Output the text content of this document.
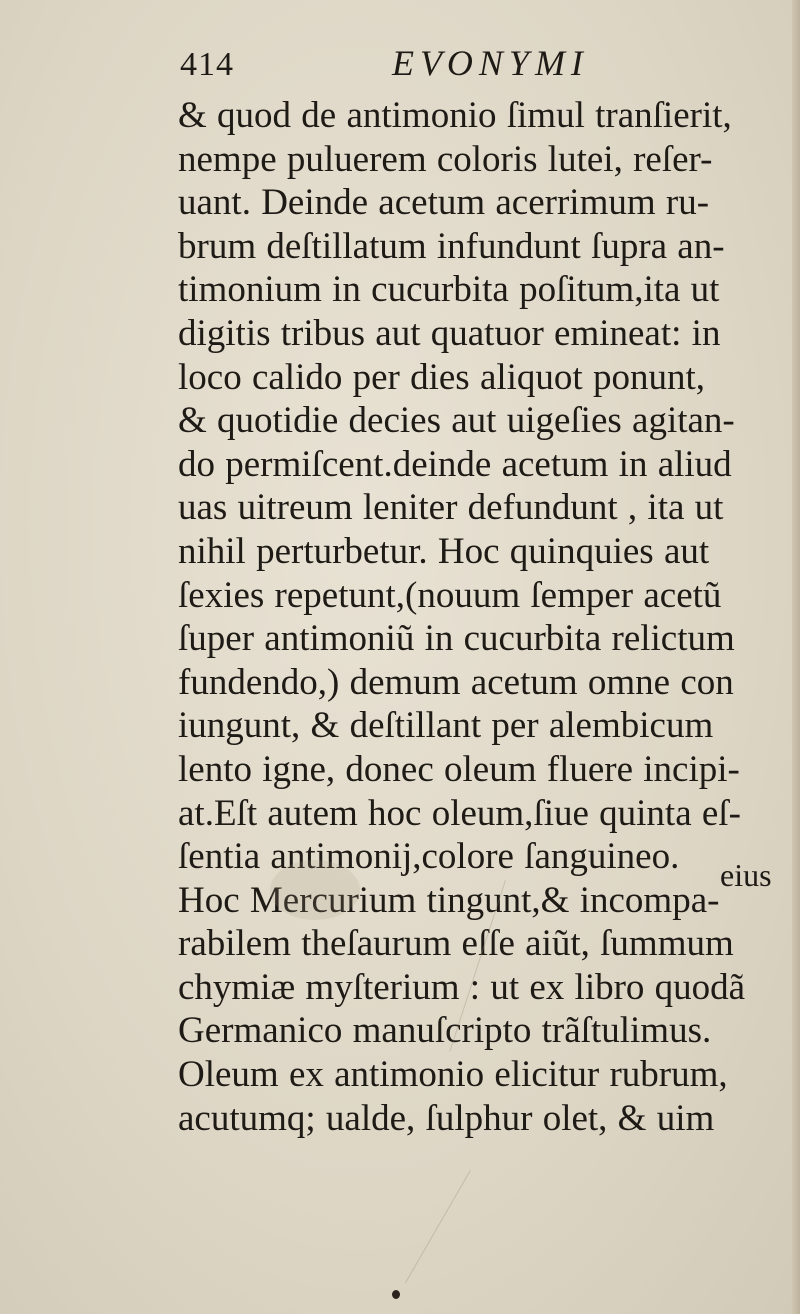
414	EVONYMI
& quod de antimonio ſimul tranſierit,
nempe puluerem coloris lutei, reſer-
uant. Deinde acetum acerrimum ru-
brum deſtillatum infundunt ſupra an-
timonium in cucurbita poſitum,ita ut
digitis tribus aut quatuor emineat: in
loco calido per dies aliquot ponunt,
& quotidie decies aut uigeſies agitan-
do permiſcent.deinde acetum in aliud
uas uitreum leniter defundunt , ita ut
nihil perturbetur. Hoc quinquies aut
ſexies repetunt,(nouum ſemper acetũ
ſuper antimoniũ in cucurbita relictum
fundendo,) demum acetum omne con
iungunt, & deſtillant per alembicum
lento igne, donec oleum fluere incipi-
at.Eſt autem hoc oleum,ſiue quinta eſ-
ſentia antimonij,colore ſanguineo.
Hoc Mercurium tingunt,& incompa-
rabilem theſaurum eſſe aiũt, ſummum
chymiæ myſterium : ut ex libro quodã
Germanico manuſcripto trãſtulimus.
Oleum ex antimonio elicitur rubrum,
acutumq; ualde, ſulphur olet, & uim
eius
